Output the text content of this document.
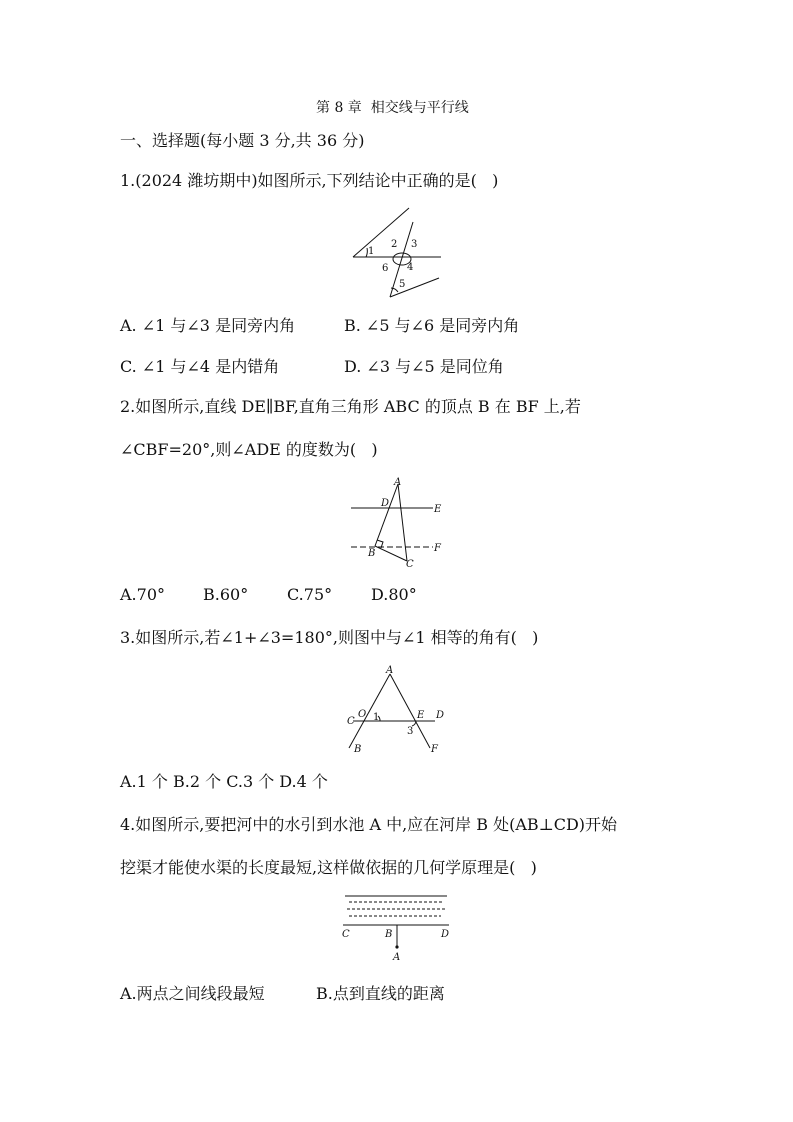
第 8 章  相交线与平行线
一、选择题(每小题 3 分,共 36 分)
1.(2024 潍坊期中)如图所示,下列结论中正确的是(   )
1
2 3
4
5
6
A. ∠1 与∠3 是同旁内角	B. ∠5 与∠6 是同旁内角
C. ∠1 与∠4 是内错角	D. ∠3 与∠5 是同位角
2.如图所示,直线 DE∥BF,直角三角形 ABC 的顶点 B 在 BF 上,若
∠CBF=20°,则∠ADE 的度数为(   )
A
D
E
B	F
C
A.70° B.60° C.75° D.80°
3.如图所示,若∠1+∠3=180°,则图中与∠1 相等的角有(   )
A
C
O 1	E D
3
B	F
A.1 个 B.2 个 C.3 个 D.4 个
4.如图所示,要把河中的水引到水池 A 中,应在河岸 B 处(AB⊥CD)开始
挖渠才能使水渠的长度最短,这样做依据的几何学原理是(   )
C	B	D
A
A.两点之间线段最短	B.点到直线的距离
